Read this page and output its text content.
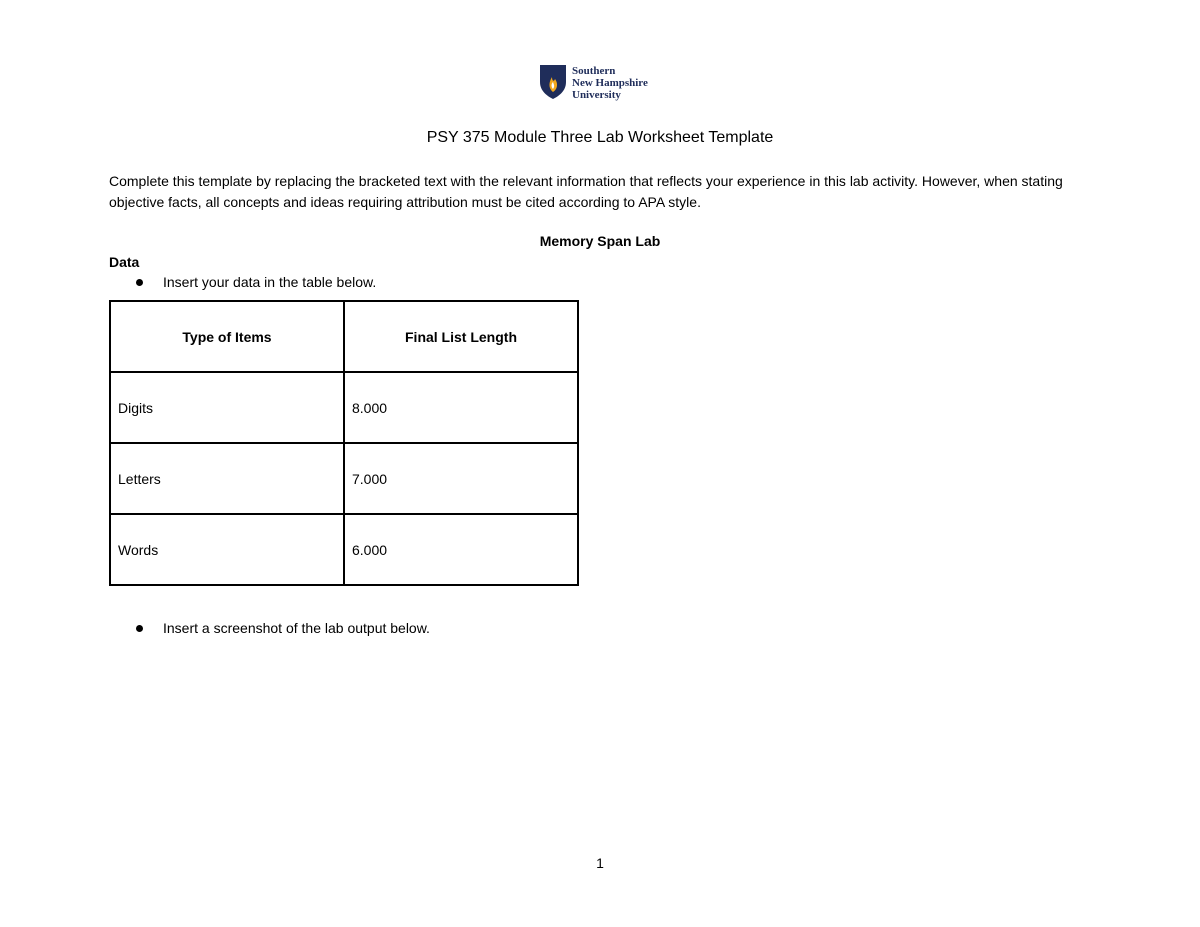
Southern
New Hampshire
University
PSY 375 Module Three Lab Worksheet Template
Complete this template by replacing the bracketed text with the relevant information that reflects your experience in this lab activity. However, when stating objective facts, all concepts and ideas requiring attribution must be cited according to APA style.
Memory Span Lab
Data
Insert your data in the table below.
Type of Items	Final List Length
Digits	8.000
Letters	7.000
Words	6.000
Insert a screenshot of the lab output below.
1
